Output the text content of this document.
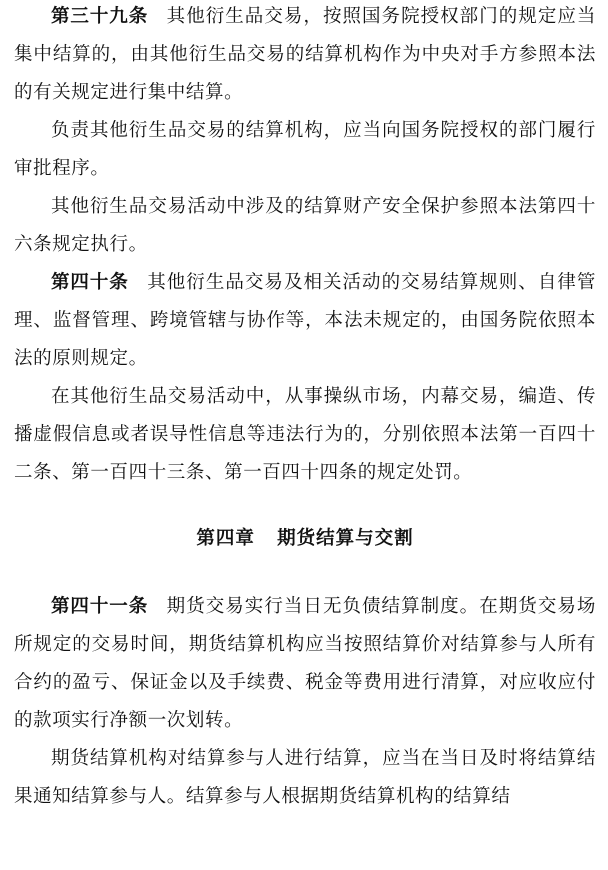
第三十九条 其他衍生品交易，按照国务院授权部门的规定应当集中结算的，由其他衍生品交易的结算机构作为中央对手方参照本法的有关规定进行集中结算。

负责其他衍生品交易的结算机构，应当向国务院授权的部门履行审批程序。

其他衍生品交易活动中涉及的结算财产安全保护参照本法第四十六条规定执行。

第四十条 其他衍生品交易及相关活动的交易结算规则、自律管理、监督管理、跨境管辖与协作等，本法未规定的，由国务院依照本法的原则规定。

在其他衍生品交易活动中，从事操纵市场，内幕交易，编造、传播虚假信息或者误导性信息等违法行为的，分别依照本法第一百四十二条、第一百四十三条、第一百四十四条的规定处罚。

第四章 期货结算与交割

第四十一条 期货交易实行当日无负债结算制度。在期货交易场所规定的交易时间，期货结算机构应当按照结算价对结算参与人所有合约的盈亏、保证金以及手续费、税金等费用进行清算，对应收应付的款项实行净额一次划转。

期货结算机构对结算参与人进行结算，应当在当日及时将结算结果通知结算参与人。结算参与人根据期货结算机构的结算结
